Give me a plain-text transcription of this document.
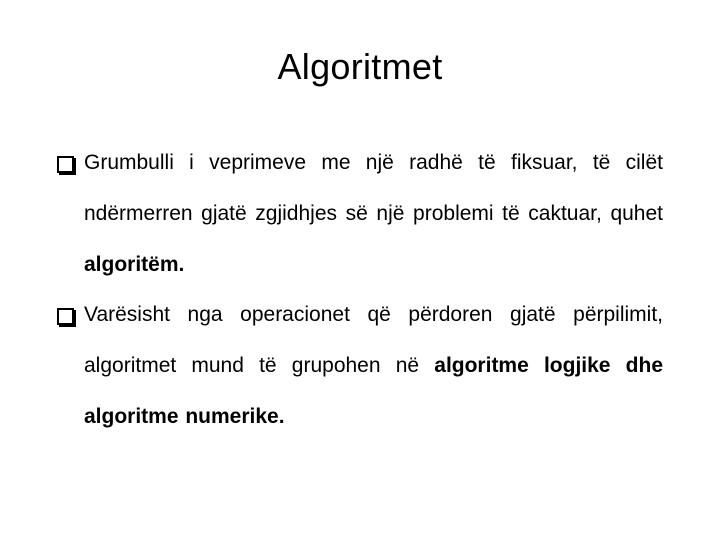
Algoritmet
Grumbulli i veprimeve me një radhë të fiksuar, të cilët ndërmerren gjatë zgjidhjes së një problemi të caktuar, quhet algoritëm.
Varësisht nga operacionet që përdoren gjatë përpilimit, algoritmet mund të grupohen në algoritme logjike dhe algoritme numerike.
